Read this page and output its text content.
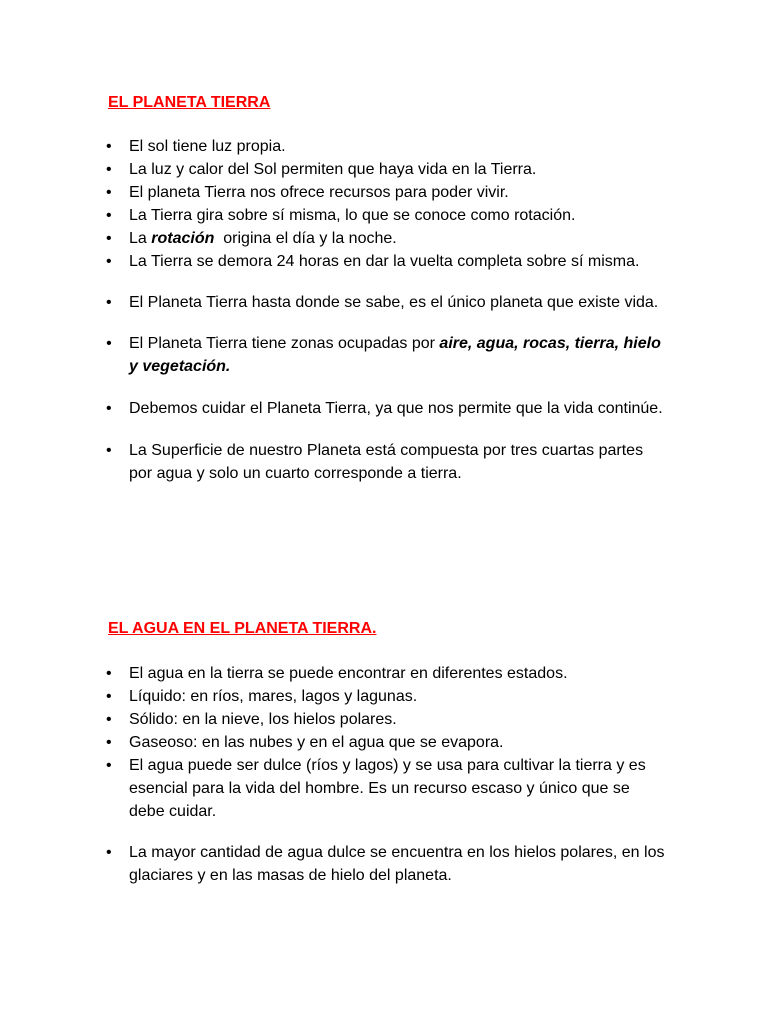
EL PLANETA TIERRA
• El sol tiene luz propia.
• La luz y calor del Sol permiten que haya vida en la Tierra.
• El planeta Tierra nos ofrece recursos para poder vivir.
• La Tierra gira sobre sí misma, lo que se conoce como rotación.
• La rotación  origina el día y la noche.
• La Tierra se demora 24 horas en dar la vuelta completa sobre sí misma.
• El Planeta Tierra hasta donde se sabe, es el único planeta que existe vida.
• El Planeta Tierra tiene zonas ocupadas por aire, agua, rocas, tierra, hielo y vegetación.
• Debemos cuidar el Planeta Tierra, ya que nos permite que la vida continúe.
• La Superficie de nuestro Planeta está compuesta por tres cuartas partes por agua y solo un cuarto corresponde a tierra.
EL AGUA EN EL PLANETA TIERRA.
• El agua en la tierra se puede encontrar en diferentes estados.
• Líquido: en ríos, mares, lagos y lagunas.
• Sólido: en la nieve, los hielos polares.
• Gaseoso: en las nubes y en el agua que se evapora.
• El agua puede ser dulce (ríos y lagos) y se usa para cultivar la tierra y es esencial para la vida del hombre. Es un recurso escaso y único que se debe cuidar.
• La mayor cantidad de agua dulce se encuentra en los hielos polares, en los glaciares y en las masas de hielo del planeta.
